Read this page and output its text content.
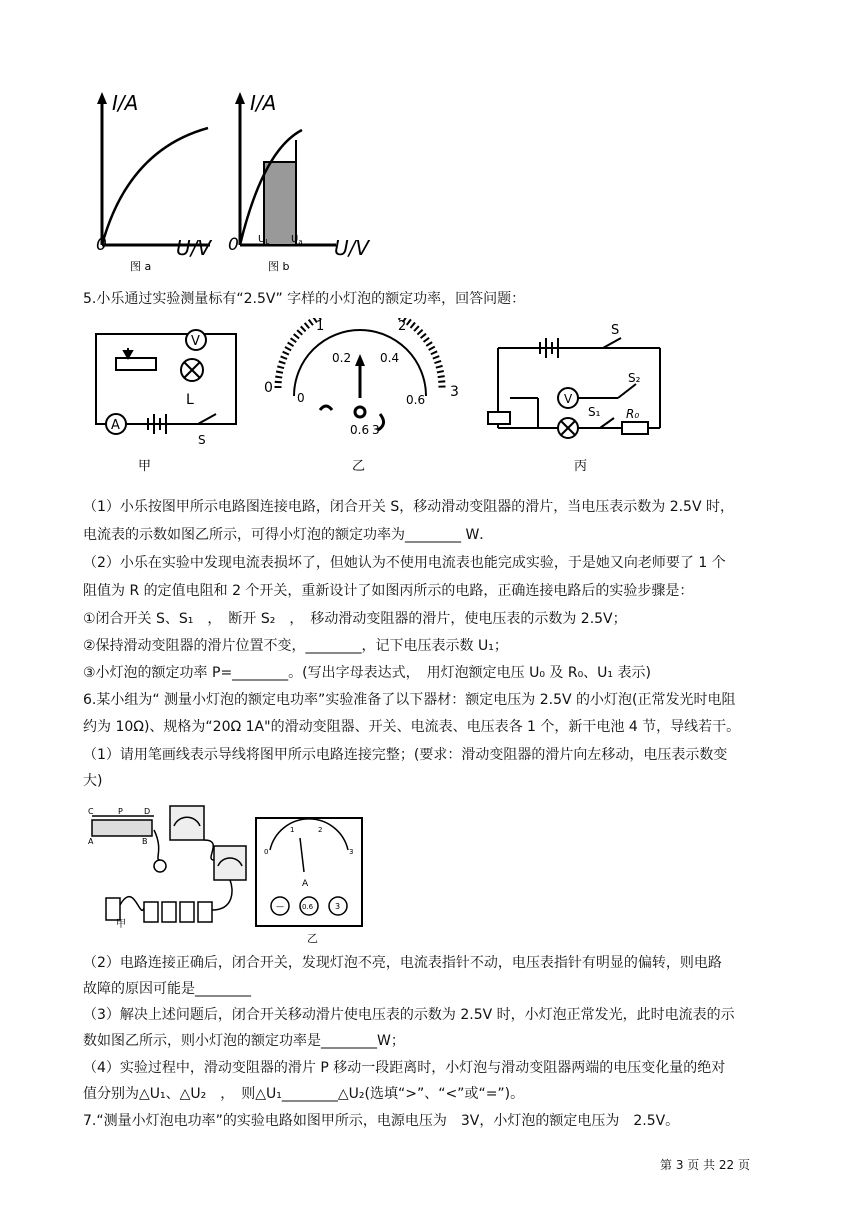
I/A
0	U/V
图 a
I/A
0 $U_L$ $U_a$ U/V
图 b
5.小乐通过实验测量标有“2.5V” 字样的小灯泡的额定功率，回答问题：
V
A
L
S
甲
0
1	2
3
0.2 0.4
0.6
0
0.6 3
乙
S
V
S₂
S₁ R₀
丙
（1）小乐按图甲所示电路图连接电路，闭合开关 S，移动滑动变阻器的滑片，当电压表示数为 2.5V 时，
电流表的示数如图乙所示，可得小灯泡的额定功率为________ W．
（2）小乐在实验中发现电流表损坏了，但她认为不使用电流表也能完成实验，于是她又向老师要了 1 个
阻值为 R 的定值电阻和 2 个开关，重新设计了如图丙所示的电路，正确连接电路后的实验步骤是：
①闭合开关 S、S₁　，　断开 S₂　，　移动滑动变阻器的滑片，使电压表的示数为 2.5V；
②保持滑动变阻器的滑片位置不变，________，记下电压表示数 U₁；
③小灯泡的额定功率 P=________。(写出字母表达式，　用灯泡额定电压 U₀ 及 R₀、U₁ 表示)
6.某小组为“ 测量小灯泡的额定电功率”实验准备了以下器材：额定电压为 2.5V 的小灯泡(正常发光时电阻
约为 10Ω)、规格为“20Ω 1A"的滑动变阻器、开关、电流表、电压表各 1 个，新干电池 4 节，导线若干。
（1）请用笔画线表示导线将图甲所示电路连接完整；(要求：滑动变阻器的滑片向左移动，电压表示数变
大)
C	P	D
A	B
甲
0
1	2
3
A
—	0.6	3
乙
（2）电路连接正确后，闭合开关，发现灯泡不亮，电流表指针不动，电压表指针有明显的偏转，则电路
故障的原因可能是________
（3）解决上述问题后，闭合开关移动滑片使电压表的示数为 2.5V 时，小灯泡正常发光，此时电流表的示
数如图乙所示，则小灯泡的额定功率是________W；
（4）实验过程中，滑动变阻器的滑片 P 移动一段距离时，小灯泡与滑动变阻器两端的电压变化量的绝对
值分别为△U₁、△U₂　，　则△U₁________△U₂(选填“>”、“<”或“=”)。
7.“测量小灯泡电功率”的实验电路如图甲所示，电源电压为　3V，小灯泡的额定电压为　2.5V。
第 3 页 共 22 页
